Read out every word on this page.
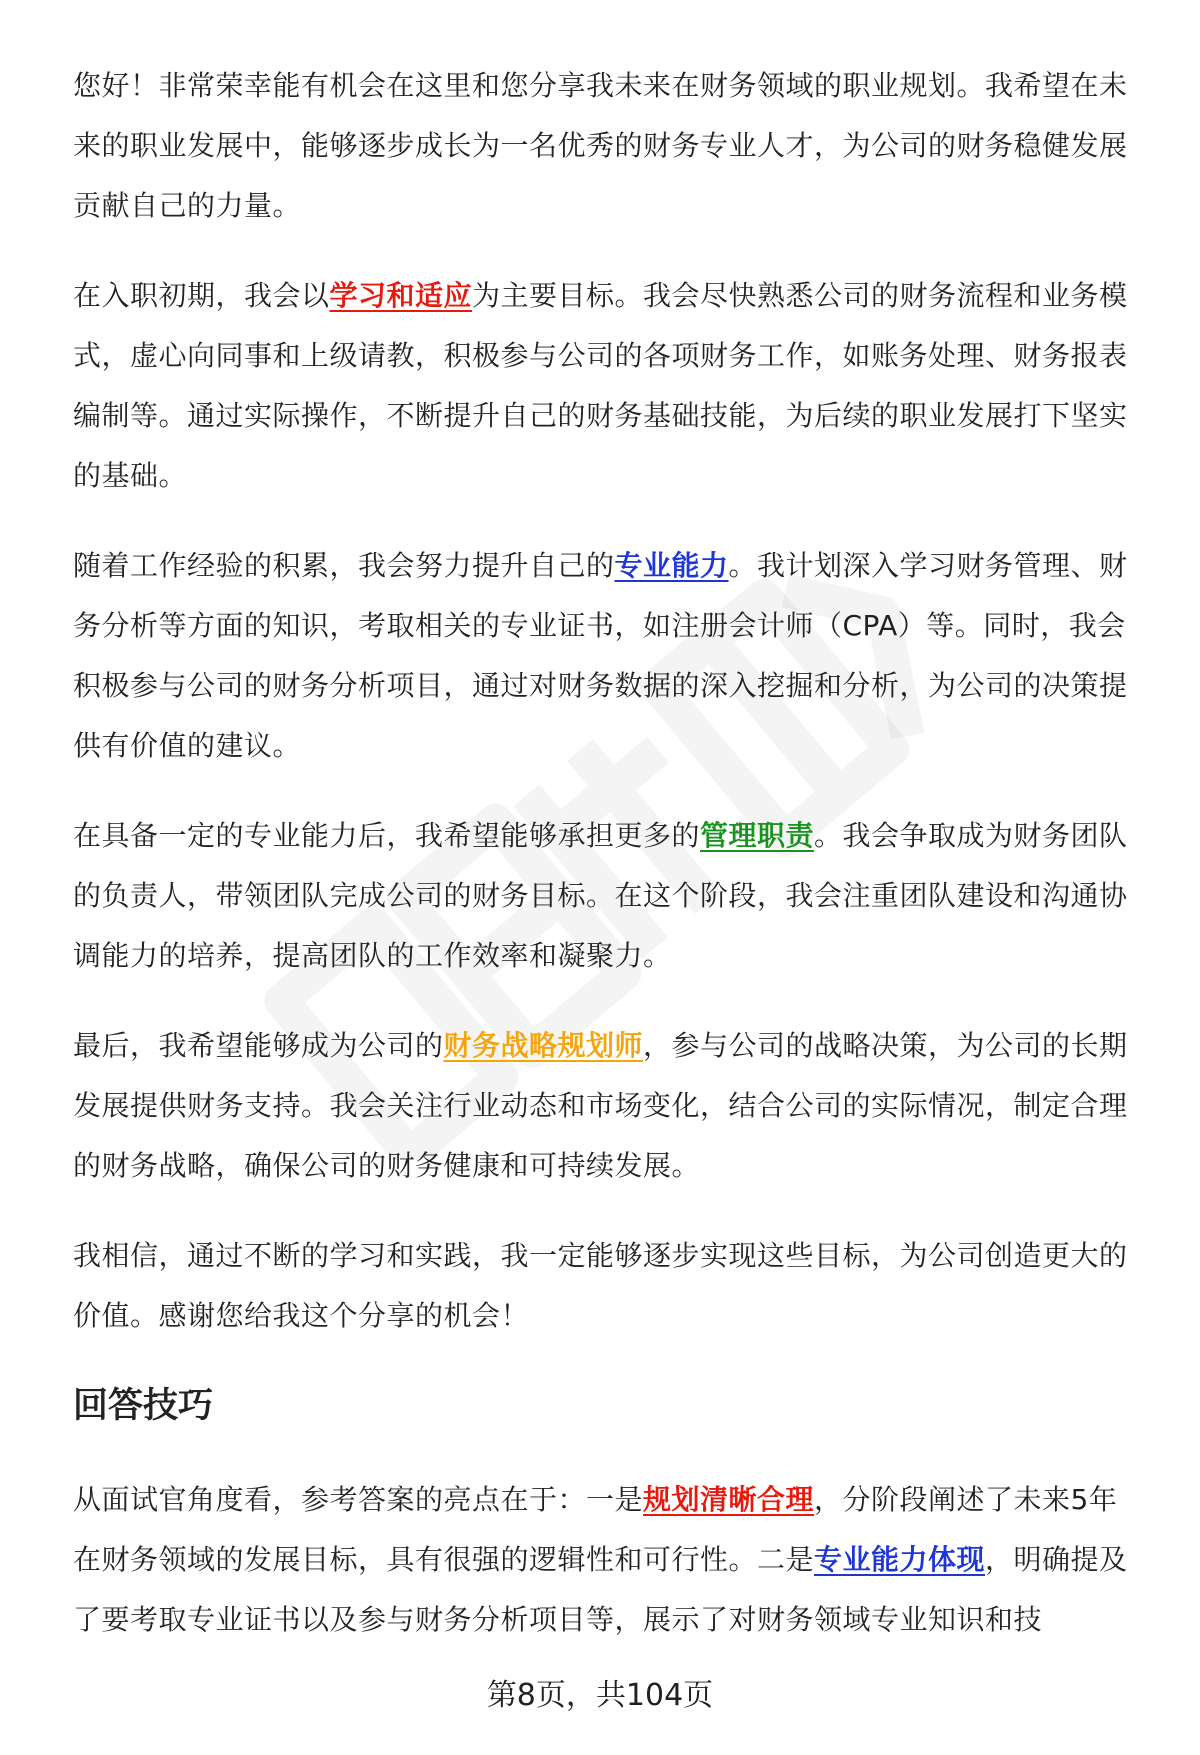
您好！非常荣幸能有机会在这里和您分享我未来在财务领域的职业规划。我希望在未来的职业发展中，能够逐步成长为一名优秀的财务专业人才，为公司的财务稳健发展贡献自己的力量。

在入职初期，我会以学习和适应为主要目标。我会尽快熟悉公司的财务流程和业务模式，虚心向同事和上级请教，积极参与公司的各项财务工作，如账务处理、财务报表编制等。通过实际操作，不断提升自己的财务基础技能，为后续的职业发展打下坚实的基础。

随着工作经验的积累，我会努力提升自己的专业能力。我计划深入学习财务管理、财务分析等方面的知识，考取相关的专业证书，如注册会计师（CPA）等。同时，我会积极参与公司的财务分析项目，通过对财务数据的深入挖掘和分析，为公司的决策提供有价值的建议。

在具备一定的专业能力后，我希望能够承担更多的管理职责。我会争取成为财务团队的负责人，带领团队完成公司的财务目标。在这个阶段，我会注重团队建设和沟通协调能力的培养，提高团队的工作效率和凝聚力。

最后，我希望能够成为公司的财务战略规划师，参与公司的战略决策，为公司的长期发展提供财务支持。我会关注行业动态和市场变化，结合公司的实际情况，制定合理的财务战略，确保公司的财务健康和可持续发展。

我相信，通过不断的学习和实践，我一定能够逐步实现这些目标，为公司创造更大的价值。感谢您给我这个分享的机会！

回答技巧

从面试官角度看，参考答案的亮点在于：一是规划清晰合理，分阶段阐述了未来5年在财务领域的发展目标，具有很强的逻辑性和可行性。二是专业能力体现，明确提及了要考取专业证书以及参与财务分析项目等，展示了对财务领域专业知识和技

第8页，共104页
